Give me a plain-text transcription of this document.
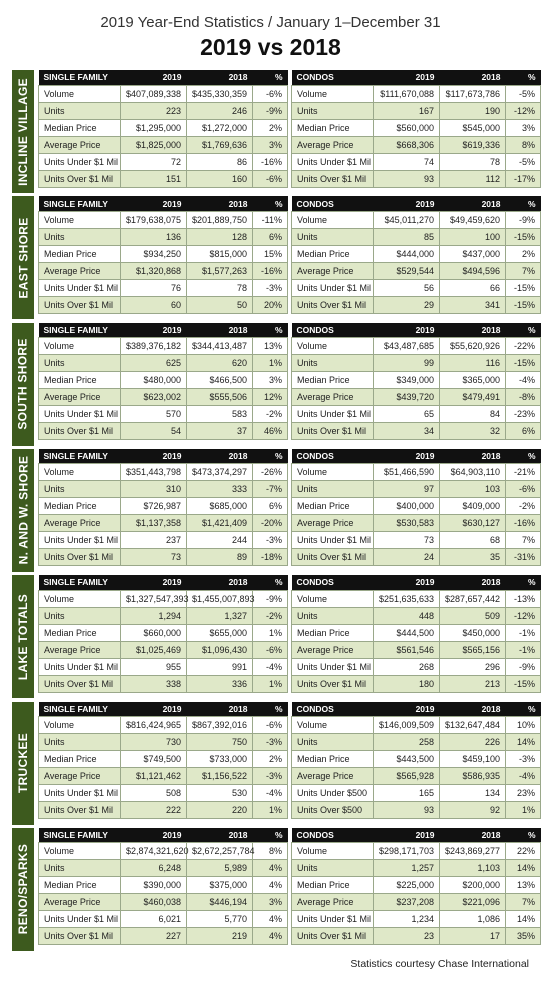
2019 Year-End Statistics / January 1–December 31
2019 vs 2018
INCLINE VILLAGE
SINGLE FAMILY	2019	2018	%
Volume	$407,089,338	$435,330,359	-6%
Units	223	246	-9%
Median Price	$1,295,000	$1,272,000	2%
Average Price	$1,825,000	$1,769,636	3%
Units Under $1 Mil	72	86	-16%
Units Over $1 Mil	151	160	-6%
CONDOS	2019	2018	%
Volume	$111,670,088	$117,673,786	-5%
Units	167	190	-12%
Median Price	$560,000	$545,000	3%
Average Price	$668,306	$619,336	8%
Units Under $1 Mil	74	78	-5%
Units Over $1 Mil	93	112	-17%
EAST SHORE
SINGLE FAMILY	2019	2018	%
Volume	$179,638,075	$201,889,750	-11%
Units	136	128	6%
Median Price	$934,250	$815,000	15%
Average Price	$1,320,868	$1,577,263	-16%
Units Under $1 Mil	76	78	-3%
Units Over $1 Mil	60	50	20%
CONDOS	2019	2018	%
Volume	$45,011,270	$49,459,620	-9%
Units	85	100	-15%
Median Price	$444,000	$437,000	2%
Average Price	$529,544	$494,596	7%
Units Under $1 Mil	56	66	-15%
Units Over $1 Mil	29	341	-15%
SOUTH SHORE
SINGLE FAMILY	2019	2018	%
Volume	$389,376,182	$344,413,487	13%
Units	625	620	1%
Median Price	$480,000	$466,500	3%
Average Price	$623,002	$555,506	12%
Units Under $1 Mil	570	583	-2%
Units Over $1 Mil	54	37	46%
CONDOS	2019	2018	%
Volume	$43,487,685	$55,620,926	-22%
Units	99	116	-15%
Median Price	$349,000	$365,000	-4%
Average Price	$439,720	$479,491	-8%
Units Under $1 Mil	65	84	-23%
Units Over $1 Mil	34	32	6%
N. AND W. SHORE SINGLE FAMILY	2019	2018	%
Volume	$351,443,798	$473,374,297	-26%
Units	310	333	-7%
Median Price	$726,987	$685,000	6%
Average Price	$1,137,358	$1,421,409	-20%
Units Under $1 Mil	237	244	-3%
Units Over $1 Mil	73	89	-18%
CONDOS	2019	2018	%
Volume	$51,466,590	$64,903,110	-21%
Units	97	103	-6%
Median Price	$400,000	$409,000	-2%
Average Price	$530,583	$630,127	-16%
Units Under $1 Mil	73	68	7%
Units Over $1 Mil	24	35	-31%
LAKE TOTALS
SINGLE FAMILY	2019	2018	%
Volume	$1,327,547,393	$1,455,007,893	-9%
Units	1,294	1,327	-2%
Median Price	$660,000	$655,000	1%
Average Price	$1,025,469	$1,096,430	-6%
Units Under $1 Mil	955	991	-4%
Units Over $1 Mil	338	336	1%
CONDOS	2019	2018	%
Volume	$251,635,633	$287,657,442	-13%
Units	448	509	-12%
Median Price	$444,500	$450,000	-1%
Average Price	$561,546	$565,156	-1%
Units Under $1 Mil	268	296	-9%
Units Over $1 Mil	180	213	-15%
TRUCKEE
SINGLE FAMILY	2019	2018	%
Volume	$816,424,965	$867,392,016	-6%
Units	730	750	-3%
Median Price	$749,500	$733,000	2%
Average Price	$1,121,462	$1,156,522	-3%
Units Under $1 Mil	508	530	-4%
Units Over $1 Mil	222	220	1%
CONDOS	2019	2018	%
Volume	$146,009,509	$132,647,484	10%
Units	258	226	14%
Median Price	$443,500	$459,100	-3%
Average Price	$565,928	$586,935	-4%
Units Under $500	165	134	23%
Units Over $500	93	92	1%
RENO/SPARKS
SINGLE FAMILY	2019	2018	%
Volume	$2,874,321,620	$2,672,257,784	8%
Units	6,248	5,989	4%
Median Price	$390,000	$375,000	4%
Average Price	$460,038	$446,194	3%
Units Under $1 Mil	6,021	5,770	4%
Units Over $1 Mil	227	219	4%
CONDOS	2019	2018	%
Volume	$298,171,703	$243,869,277	22%
Units	1,257	1,103	14%
Median Price	$225,000	$200,000	13%
Average Price	$237,208	$221,096	7%
Units Under $1 Mil	1,234	1,086	14%
Units Over $1 Mil	23	17	35%
Statistics courtesy Chase International
